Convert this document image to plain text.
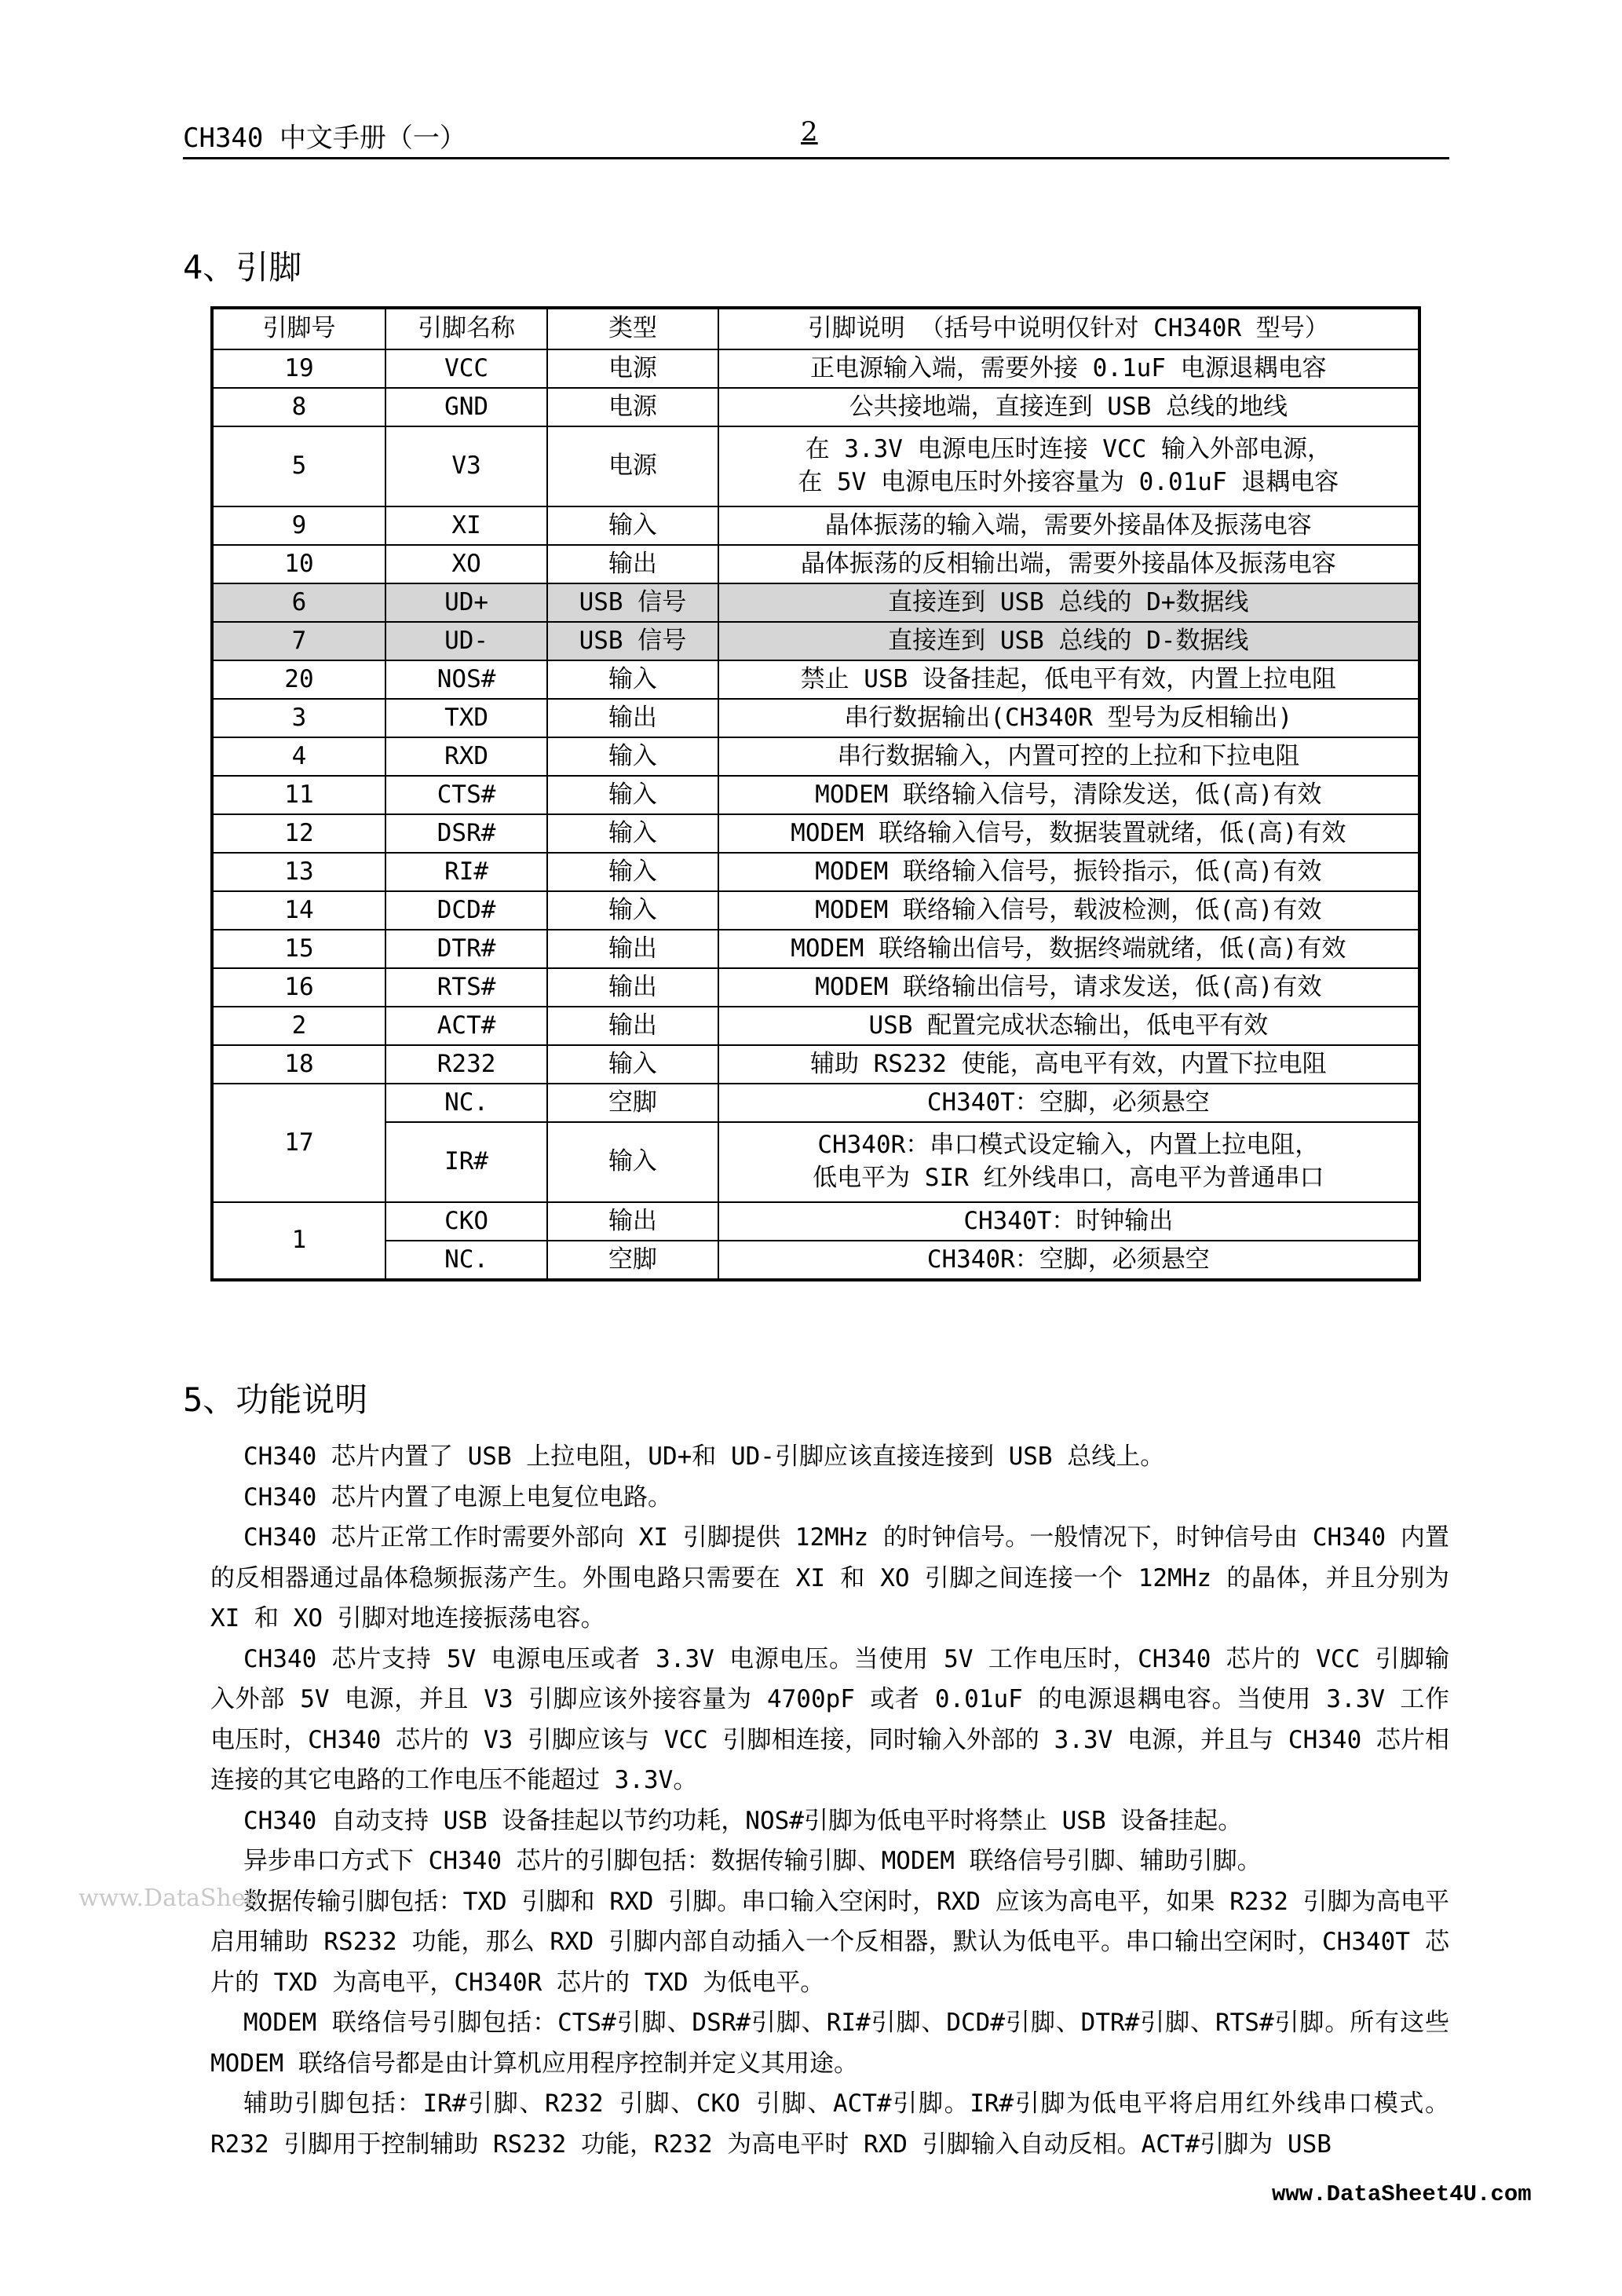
CH340 中文手册（一）	2
4、引脚
引脚号	引脚名称	类型	引脚说明 （括号中说明仅针对 CH340R 型号）
19	VCC	电源	正电源输入端，需要外接 0.1uF 电源退耦电容

8	GND	电源	公共接地端，直接连到 USB 总线的地线

5	V3	电源	在 3.3V 电源电压时连接 VCC 输入外部电源，
在 5V 电源电压时外接容量为 0.01uF 退耦电容

9	XI	输入	晶体振荡的输入端，需要外接晶体及振荡电容

10	XO	输出	晶体振荡的反相输出端，需要外接晶体及振荡电容

6	UD+	USB 信号	直接连到 USB 总线的 D+数据线

7	UD-	USB 信号	直接连到 USB 总线的 D-数据线

20	NOS#	输入	禁止 USB 设备挂起，低电平有效，内置上拉电阻

3	TXD	输出	串行数据输出(CH340R 型号为反相输出)

4	RXD	输入	串行数据输入，内置可控的上拉和下拉电阻

11	CTS#	输入	MODEM 联络输入信号，清除发送，低(高)有效

12	DSR#	输入	MODEM 联络输入信号，数据装置就绪，低(高)有效

13	RI#	输入	MODEM 联络输入信号，振铃指示，低(高)有效

14	DCD#	输入	MODEM 联络输入信号，载波检测，低(高)有效

15	DTR#	输出	MODEM 联络输出信号，数据终端就绪，低(高)有效

16	RTS#	输出	MODEM 联络输出信号，请求发送，低(高)有效

2	ACT#	输出	USB 配置完成状态输出，低电平有效

18	R232	输入	辅助 RS232 使能，高电平有效，内置下拉电阻

17	NC.	空脚	CH340T：空脚，必须悬空

	IR#	输入	CH340R：串口模式设定输入，内置上拉电阻，
低电平为 SIR 红外线串口，高电平为普通串口

1	CKO	输出	CH340T：时钟输出

	NC.	空脚	CH340R：空脚，必须悬空
5、功能说明

CH340 芯片内置了 USB 上拉电阻，UD+和 UD-引脚应该直接连接到 USB 总线上。

CH340 芯片内置了电源上电复位电路。

CH340 芯片正常工作时需要外部向 XI 引脚提供 12MHz 的时钟信号。一般情况下，时钟信号由 CH340 内置的反相器通过晶体稳频振荡产生。外围电路只需要在 XI 和 XO 引脚之间连接一个 12MHz 的晶体，并且分别为 XI 和 XO 引脚对地连接振荡电容。

CH340 芯片支持 5V 电源电压或者 3.3V 电源电压。当使用 5V 工作电压时，CH340 芯片的 VCC 引脚输入外部 5V 电源，并且 V3 引脚应该外接容量为 4700pF 或者 0.01uF 的电源退耦电容。当使用 3.3V 工作电压时，CH340 芯片的 V3 引脚应该与 VCC 引脚相连接，同时输入外部的 3.3V 电源，并且与 CH340 芯片相连接的其它电路的工作电压不能超过 3.3V。

CH340 自动支持 USB 设备挂起以节约功耗，NOS#引脚为低电平时将禁止 USB 设备挂起。

异步串口方式下 CH340 芯片的引脚包括：数据传输引脚、MODEM 联络信号引脚、辅助引脚。

数据传输引脚包括：TXD 引脚和 RXD 引脚。串口输入空闲时，RXD 应该为高电平，如果 R232 引脚为高电平启用辅助 RS232 功能，那么 RXD 引脚内部自动插入一个反相器，默认为低电平。串口输出空闲时，CH340T 芯片的 TXD 为高电平，CH340R 芯片的 TXD 为低电平。

MODEM 联络信号引脚包括：CTS#引脚、DSR#引脚、RI#引脚、DCD#引脚、DTR#引脚、RTS#引脚。所有这些 MODEM 联络信号都是由计算机应用程序控制并定义其用途。

辅助引脚包括：IR#引脚、R232 引脚、CKO 引脚、ACT#引脚。IR#引脚为低电平将启用红外线串口模式。R232 引脚用于控制辅助 RS232 功能，R232 为高电平时 RXD 引脚输入自动反相。ACT#引脚为 USB

www.DataShee
www.DataSheet4U.com
